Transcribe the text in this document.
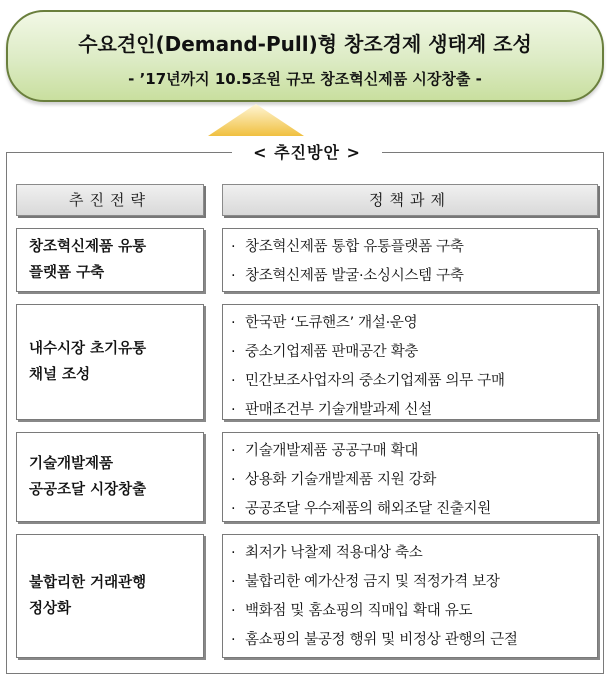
수요견인(Demand-Pull)형 창조경제 생태계 조성
- ’17년까지 10.5조원 규모 창조혁신제품 시장창출 -
< 추진방안 >
추진전략	정책과제
창조혁신제품 유통
플랫폼 구축
· 창조혁신제품 통합 유통플랫폼 구축
· 창조혁신제품 발굴·소싱시스템 구축
내수시장 초기유통
채널 조성
· 한국판 ‘도큐핸즈’ 개설·운영
· 중소기업제품 판매공간 확충
· 민간보조사업자의 중소기업제품 의무 구매
· 판매조건부 기술개발과제 신설
기술개발제품
공공조달 시장창출
· 기술개발제품 공공구매 확대
· 상용화 기술개발제품 지원 강화
· 공공조달 우수제품의 해외조달 진출지원
불합리한 거래관행
정상화
· 최저가 낙찰제 적용대상 축소
· 불합리한 예가산정 금지 및 적정가격 보장
· 백화점 및 홈쇼핑의 직매입 확대 유도
· 홈쇼핑의 불공정 행위 및 비정상 관행의 근절
